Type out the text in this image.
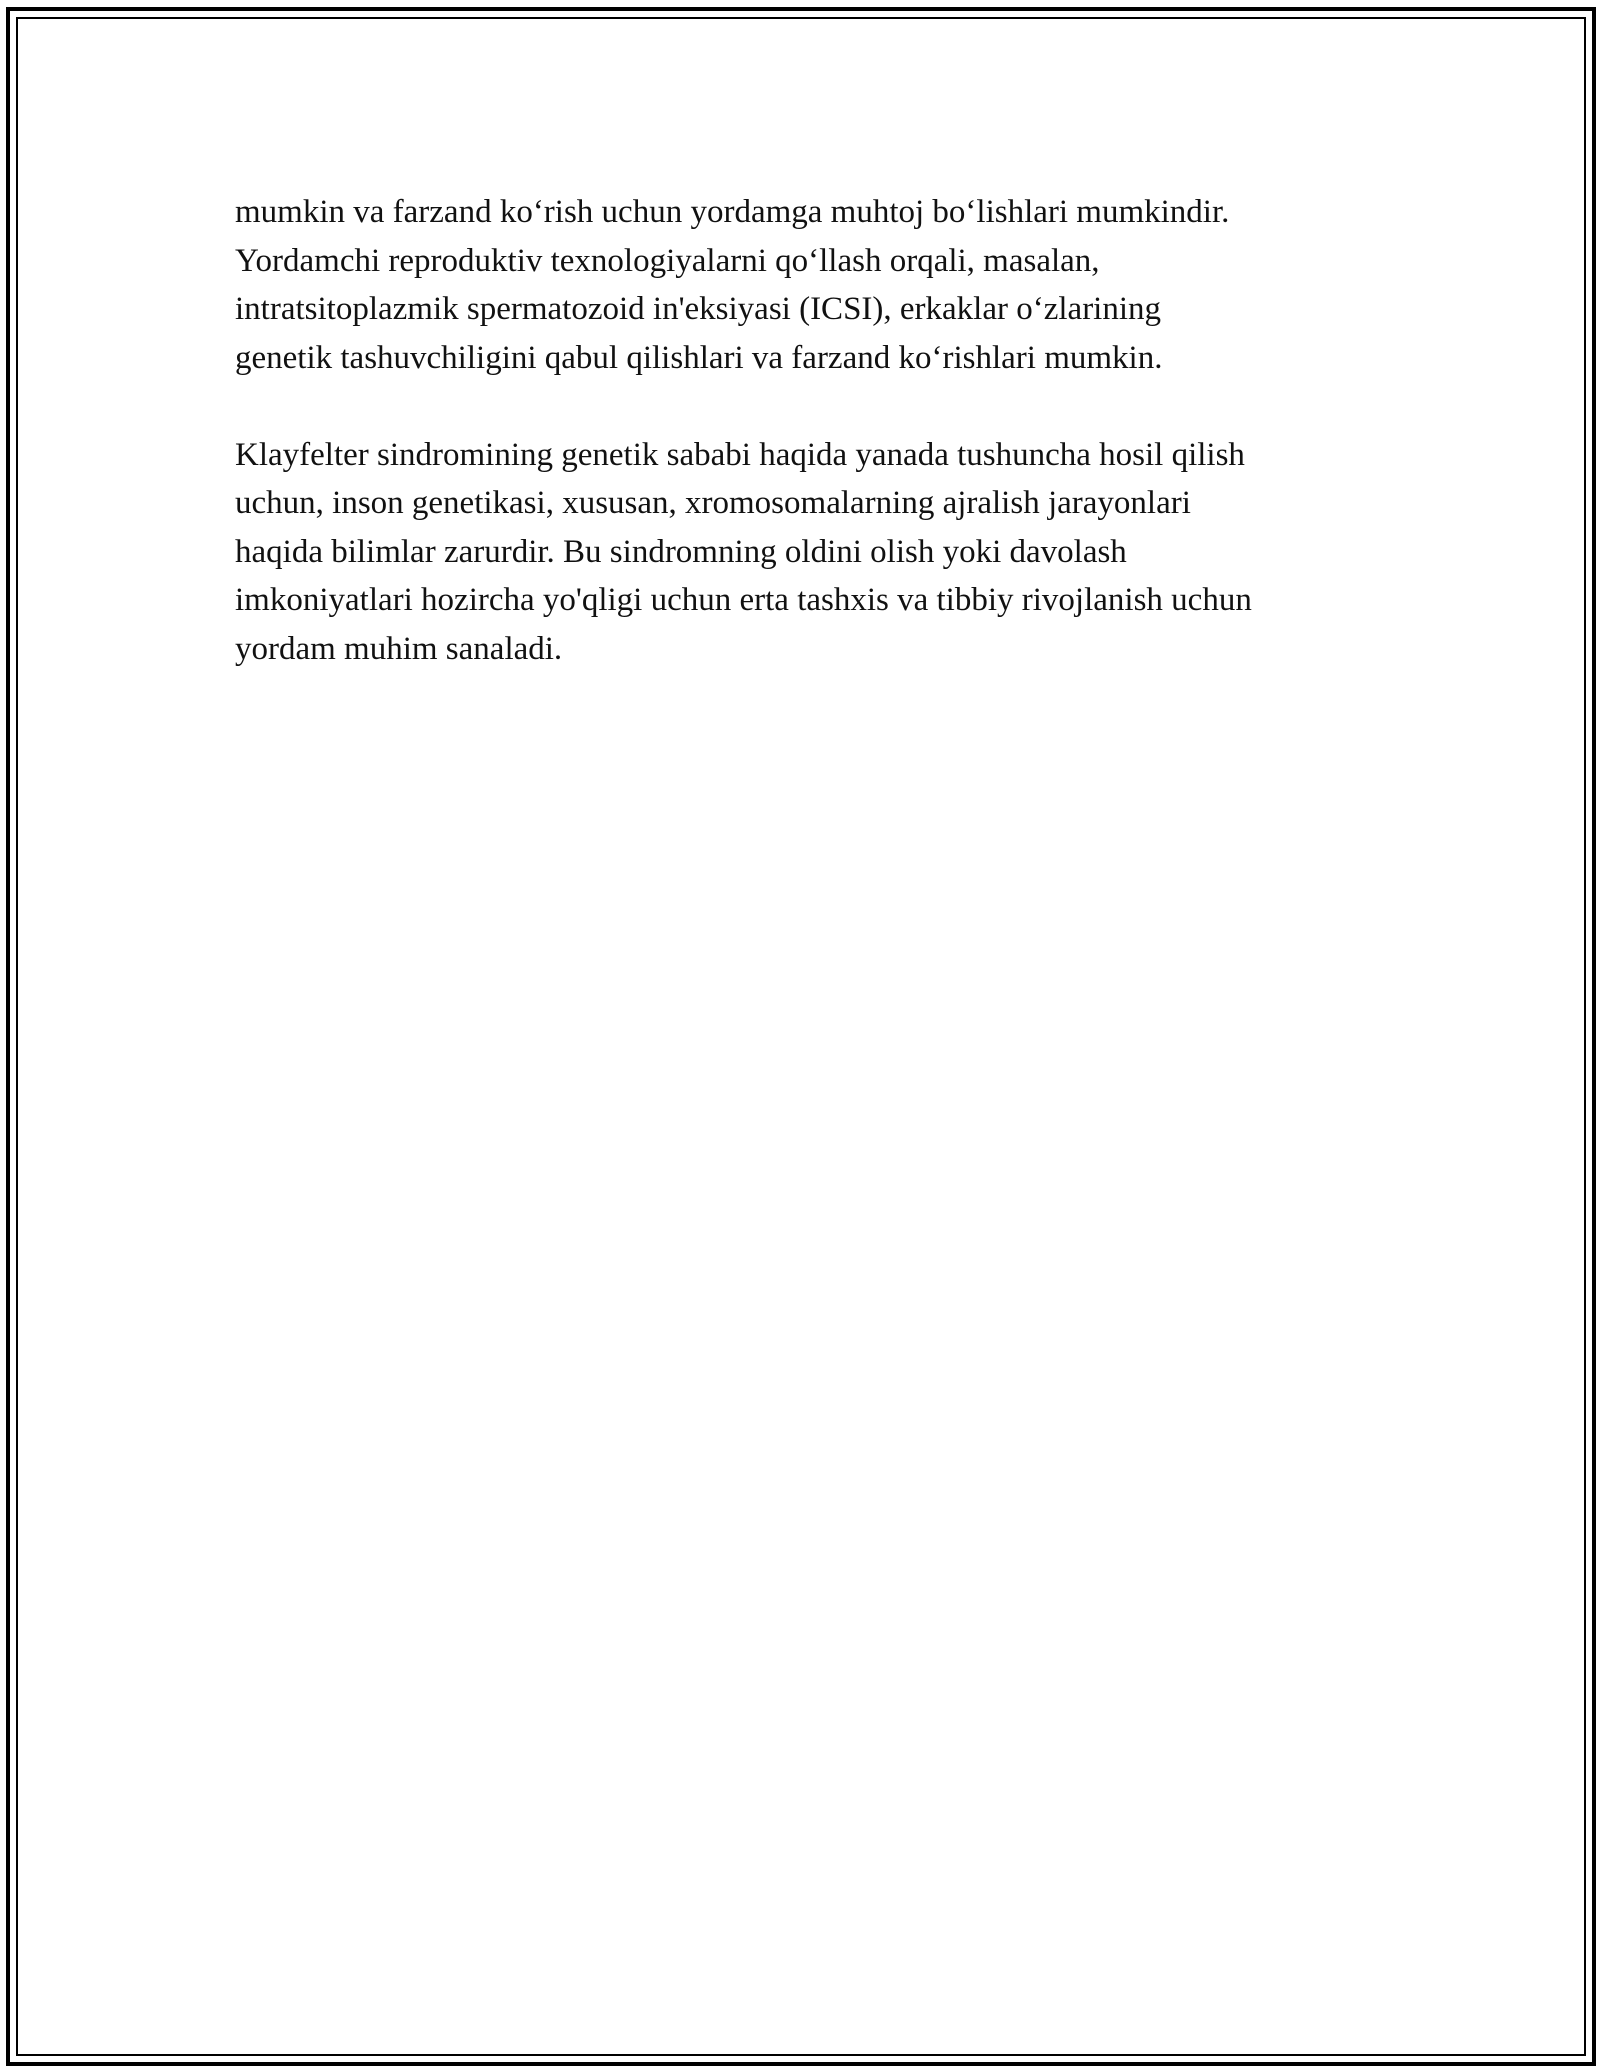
mumkin va farzand ko‘rish uchun yordamga muhtoj bo‘lishlari mumkindir.
Yordamchi reproduktiv texnologiyalarni qo‘llash orqali, masalan,
intratsitoplazmik spermatozoid in'eksiyasi (ICSI), erkaklar o‘zlarining
genetik tashuvchiligini qabul qilishlari va farzand ko‘rishlari mumkin.

Klayfelter sindromining genetik sababi haqida yanada tushuncha hosil qilish
uchun, inson genetikasi, xususan, xromosomalarning ajralish jarayonlari
haqida bilimlar zarurdir. Bu sindromning oldini olish yoki davolash
imkoniyatlari hozircha yo'qligi uchun erta tashxis va tibbiy rivojlanish uchun
yordam muhim sanaladi.
